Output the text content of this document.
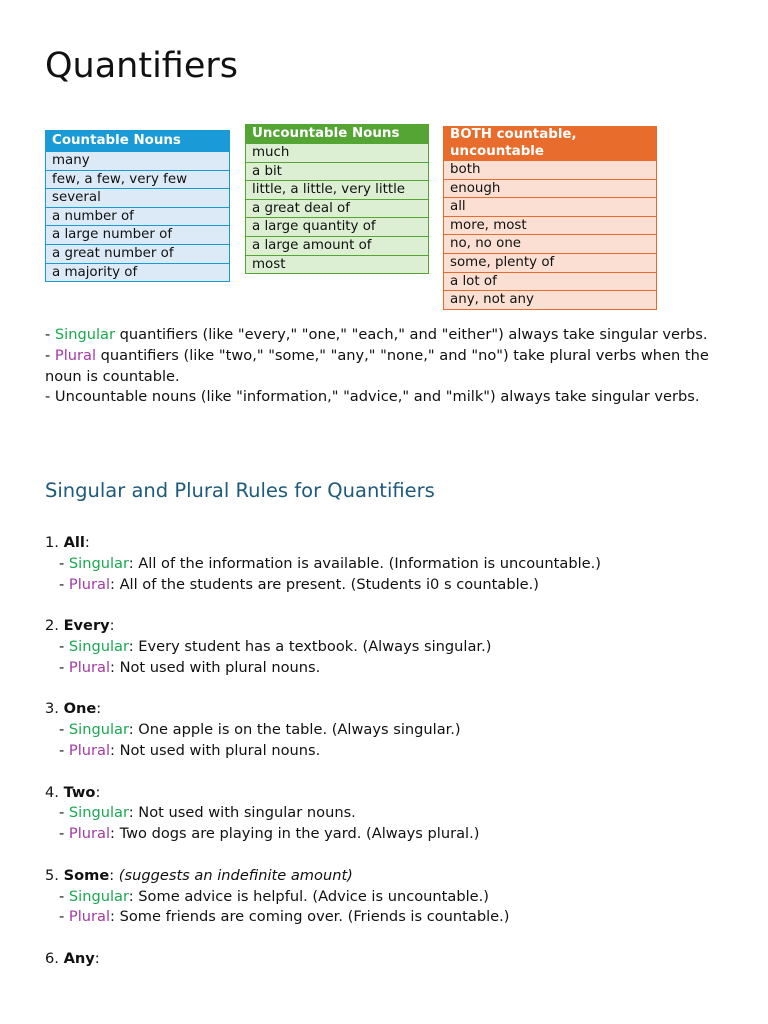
Quantifiers
Countable Nouns
many
few, a few, very few
several
a number of
a large number of
a great number of
a majority of
Uncountable Nouns
much
a bit
little, a little, very little
a great deal of
a large quantity of
a large amount of
most
BOTH countable,
uncountable
both
enough
all
more, most
no, no one
some, plenty of
a lot of
any, not any

- Singular quantifiers (like "every," "one," "each," and "either") always take singular verbs.

- Plural quantifiers (like "two," "some," "any," "none," and "no") take plural verbs when the noun is countable.

- Uncountable nouns (like "information," "advice," and "milk") always take singular verbs.

Singular and Plural Rules for Quantifiers

1. All:

- Singular: All of the information is available. (Information is uncountable.)

- Plural: All of the students are present. (Students i0 s countable.)

2. Every:

- Singular: Every student has a textbook. (Always singular.)

- Plural: Not used with plural nouns.

3. One:

- Singular: One apple is on the table. (Always singular.)

- Plural: Not used with plural nouns.

4. Two:

- Singular: Not used with singular nouns.

- Plural: Two dogs are playing in the yard. (Always plural.)

5. Some: (suggests an indefinite amount)

- Singular: Some advice is helpful. (Advice is uncountable.)

- Plural: Some friends are coming over. (Friends is countable.)

6. Any:
